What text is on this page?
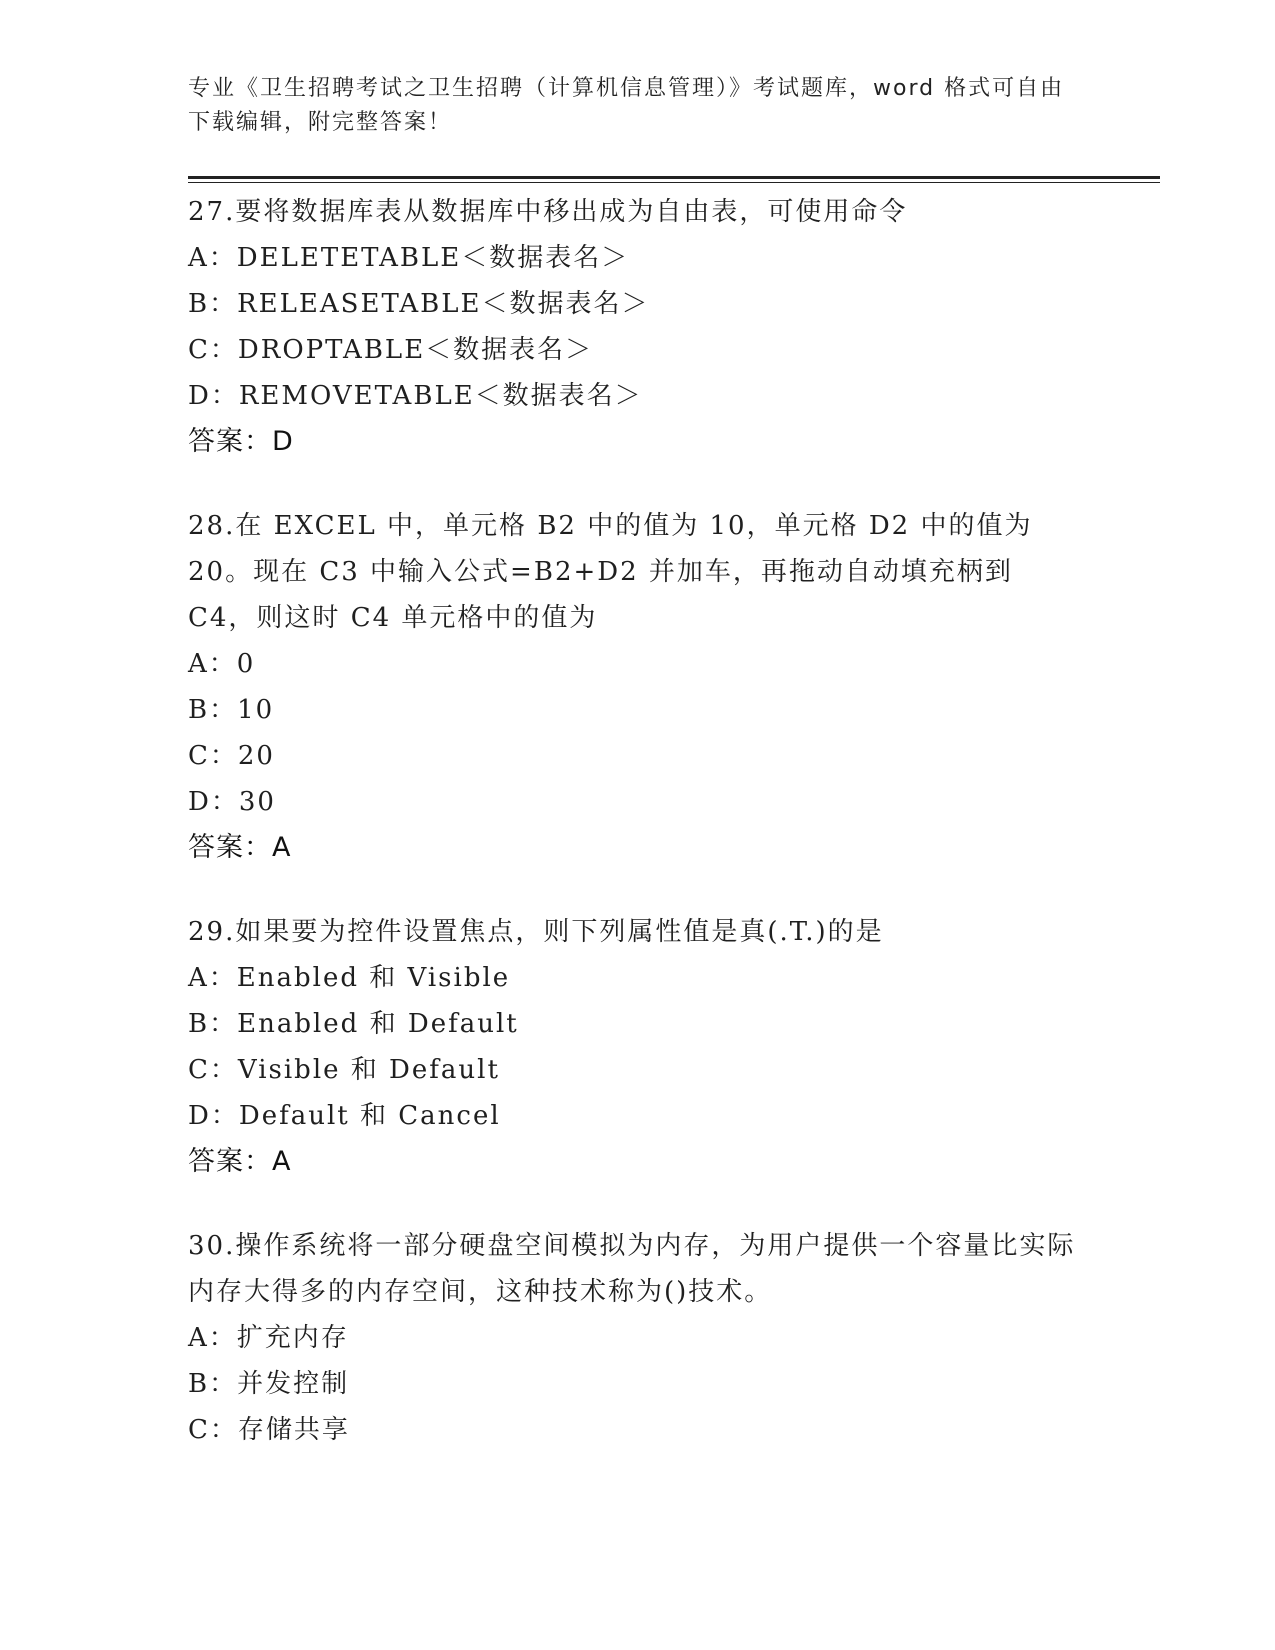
专业《卫生招聘考试之卫生招聘（计算机信息管理）》考试题库，word 格式可自由下载编辑，附完整答案！
27.要将数据库表从数据库中移出成为自由表，可使用命令
A：DELETETABLE＜数据表名＞
B：RELEASETABLE＜数据表名＞
C：DROPTABLE＜数据表名＞
D：REMOVETABLE＜数据表名＞
答案：D
28.在 EXCEL 中，单元格 B2 中的值为 10，单元格 D2 中的值为 20。现在 C3 中输入公式=B2+D2 并加车，再拖动自动填充柄到 C4，则这时 C4 单元格中的值为
A：0
B：10
C：20
D：30
答案：A
29.如果要为控件设置焦点，则下列属性值是真(.T.)的是
A：Enabled 和 Visible
B：Enabled 和 Default
C：Visible 和 Default
D：Default 和 Cancel
答案：A
30.操作系统将一部分硬盘空间模拟为内存，为用户提供一个容量比实际内存大得多的内存空间，这种技术称为()技术。
A：扩充内存
B：并发控制
C：存储共享
